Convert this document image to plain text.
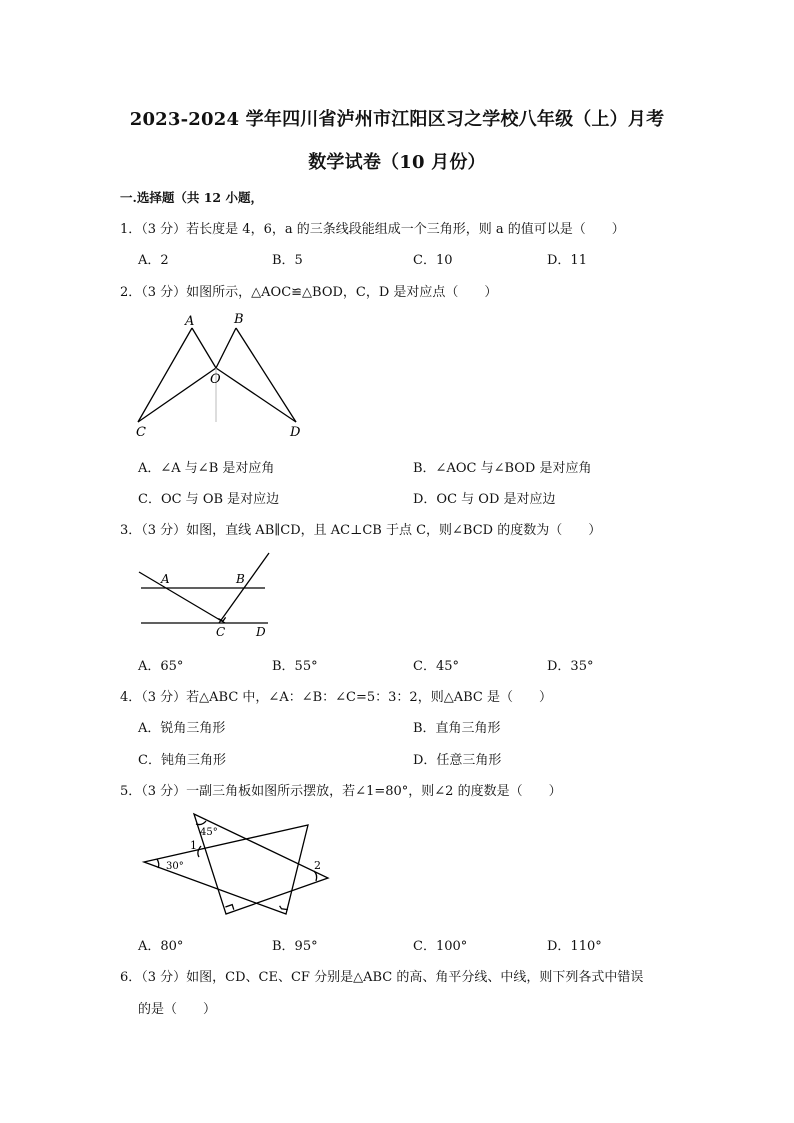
2023-2024 学年四川省泸州市江阳区习之学校八年级（上）月考
数学试卷（10 月份）
一.选择题（共 12 小题，
1．（3 分）若长度是 4，6，a 的三条线段能组成一个三角形，则 a 的值可以是（　　）
A．2	B．5	C．10	D．11
2．（3 分）如图所示，△AOC≌△BOD，C，D 是对应点（　　）
A	B
O
C	D
A．∠A 与∠B 是对应角	B．∠AOC 与∠BOD 是对应角
C．OC 与 OB 是对应边	D．OC 与 OD 是对应边
3．（3 分）如图，直线 AB∥CD，且 AC⊥CB 于点 C，则∠BCD 的度数为（　　）
A	B
C	D
A．65°	B．55°	C．45°	D．35°
4．（3 分）若△ABC 中，∠A：∠B：∠C=5：3：2，则△ABC 是（　　）
A．锐角三角形	B．直角三角形
C．钝角三角形	D．任意三角形
5．（3 分）一副三角板如图所示摆放，若∠1=80°，则∠2 的度数是（　　）
45°
30°
1
2
A．80°	B．95°	C．100°	D．110°
6．（3 分）如图，CD、CE、CF 分别是△ABC 的高、角平分线、中线，则下列各式中错误
的是（　　）
